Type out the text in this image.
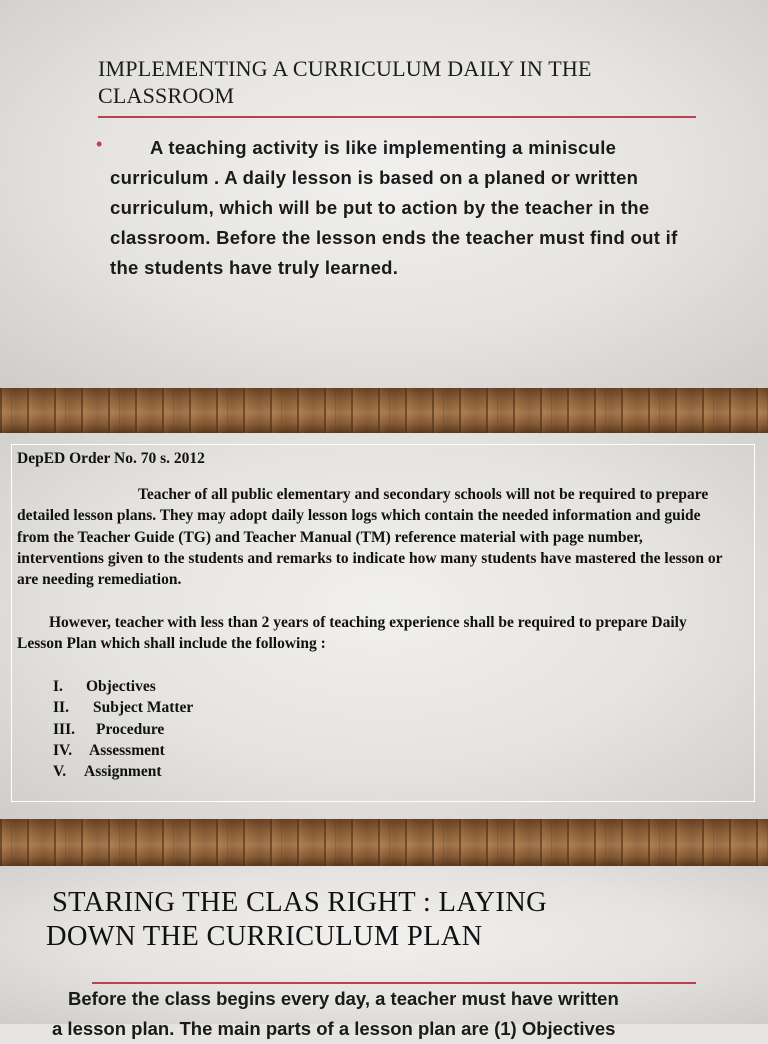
IMPLEMENTING A CURRICULUM DAILY IN THE CLASSROOM
•	A teaching activity is like implementing a miniscule curriculum . A daily lesson is based on a planed or written curriculum, which will be put to action by the teacher in the classroom. Before the lesson ends the teacher must find out if the students have truly learned.

DepED Order No. 70 s. 2012

Teacher of all public elementary and secondary schools will not be required to prepare detailed lesson plans. They may adopt daily lesson logs which contain the needed information and guide from the Teacher Guide (TG) and Teacher Manual (TM) reference material with page number, interventions given to the students and remarks to indicate how many students have mastered the lesson or are needing remediation.

However, teacher with less than 2 years of teaching experience shall be required to prepare Daily Lesson Plan which shall include the following :

I. Objectives
II. Subject Matter
III. Procedure
IV. Assessment
V. Assignment
STARING THE CLAS RIGHT : LAYING
DOWN THE CURRICULUM PLAN

Before the class begins every day, a teacher must have written
a lesson plan. The main parts of a lesson plan are (1) Objectives
